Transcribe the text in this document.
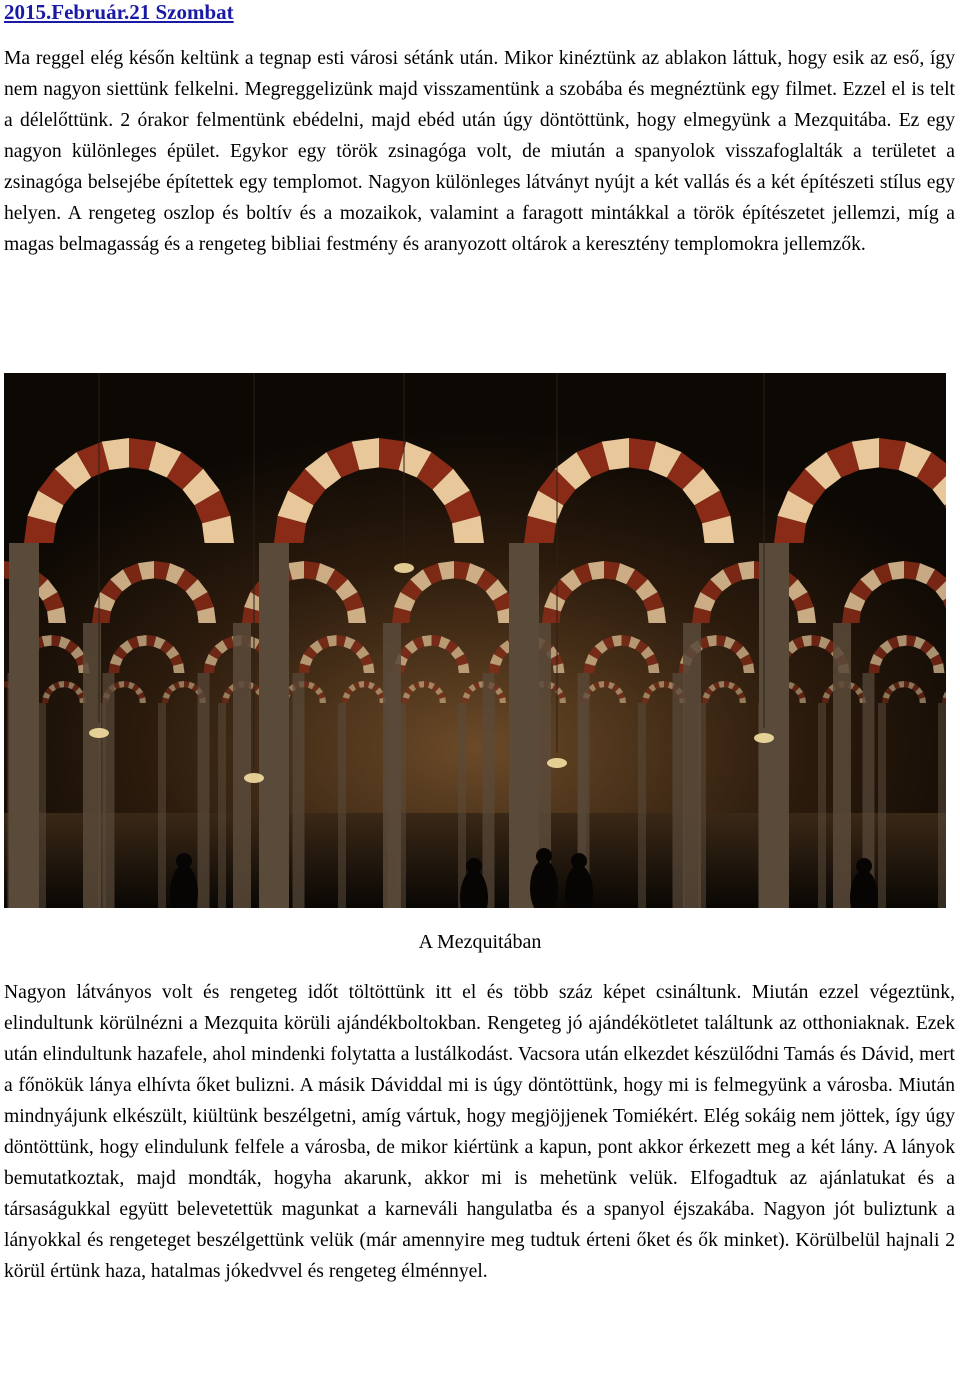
2015.Február.21 Szombat

Ma reggel elég későn keltünk a tegnap esti városi sétánk után. Mikor kinéztünk az ablakon láttuk, hogy esik az eső, így nem nagyon siettünk felkelni. Megreggelizünk majd visszamentünk a szobába és megnéztünk egy filmet. Ezzel el is telt a délelőttünk. 2 órakor felmentünk ebédelni, majd ebéd után úgy döntöttünk, hogy elmegyünk a Mezquitába. Ez egy nagyon különleges épület. Egykor egy török zsinagóga volt, de miután a spanyolok visszafoglalták a területet a zsinagóga belsejébe építettek egy templomot. Nagyon különleges látványt nyújt a két vallás és a két építészeti stílus egy helyen. A rengeteg oszlop és boltív és a mozaikok, valamint a faragott mintákkal a török építészetet jellemzi, míg a magas belmagasság és a rengeteg bibliai festmény és aranyozott oltárok a keresztény templomokra jellemzők.

A Mezquitában

Nagyon látványos volt és rengeteg időt töltöttünk itt el és több száz képet csináltunk. Miután ezzel végeztünk, elindultunk körülnézni a Mezquita körüli ajándékboltokban. Rengeteg jó ajándékötletet találtunk az otthoniaknak. Ezek után elindultunk hazafele, ahol mindenki folytatta a lustálkodást. Vacsora után elkezdet készülődni Tamás és Dávid, mert a főnökük lánya elhívta őket bulizni. A másik Dáviddal mi is úgy döntöttünk, hogy mi is felmegyünk a városba. Miután mindnyájunk elkészült, kiültünk beszélgetni, amíg vártuk, hogy megjöjjenek Tomiékért. Elég sokáig nem jöttek, így úgy döntöttünk, hogy elindulunk felfele a városba, de mikor kiértünk a kapun, pont akkor érkezett meg a két lány. A lányok bemutatkoztak, majd mondták, hogyha akarunk, akkor mi is mehetünk velük. Elfogadtuk az ajánlatukat és a társaságukkal együtt belevetettük magunkat a karneváli hangulatba és a spanyol éjszakába. Nagyon jót buliztunk a lányokkal és rengeteget beszélgettünk velük (már amennyire meg tudtuk érteni őket és ők minket). Körülbelül hajnali 2 körül értünk haza, hatalmas jókedvvel és rengeteg élménnyel.
